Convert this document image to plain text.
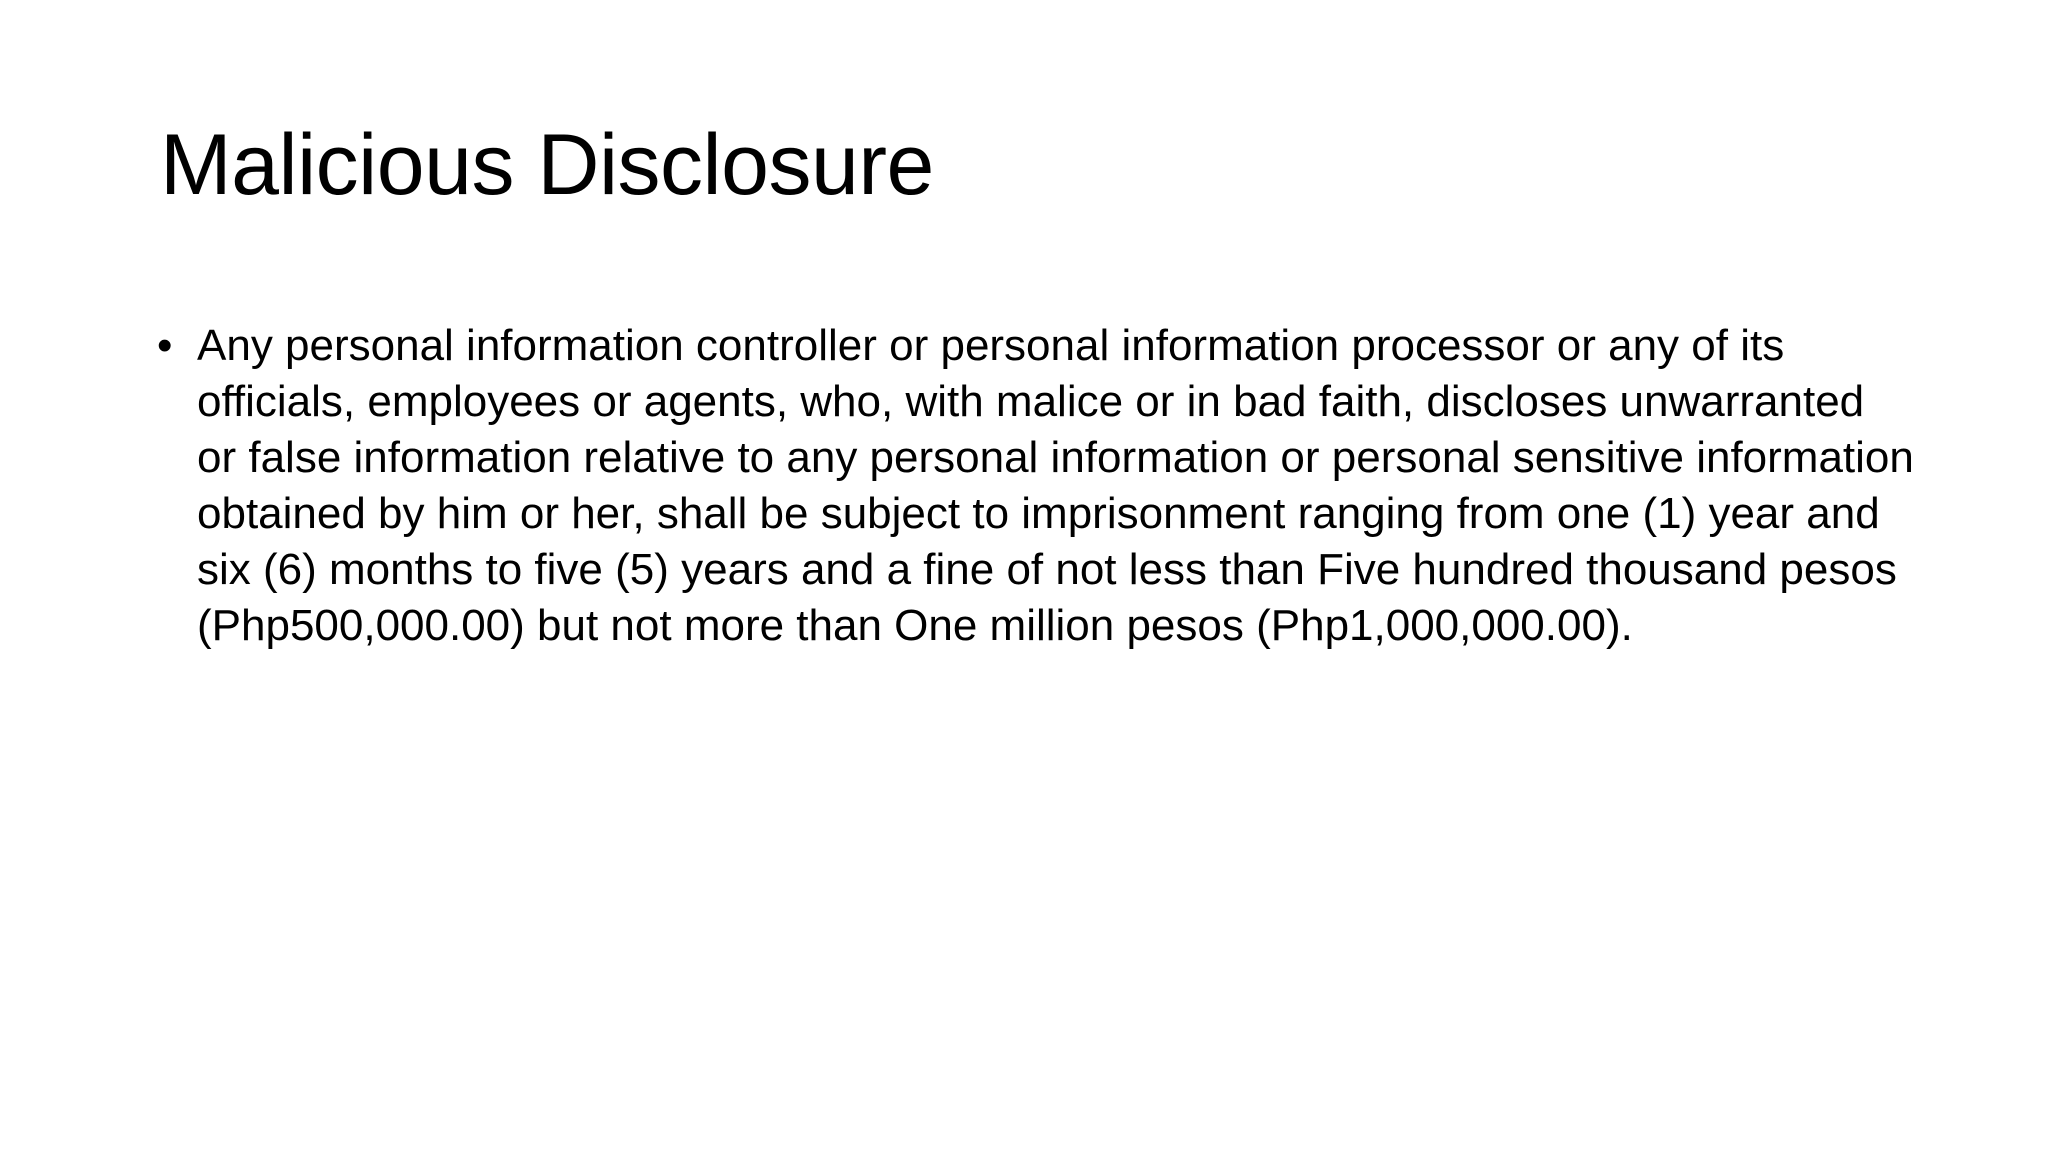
Malicious Disclosure
• Any personal information controller or personal information processor or any of its officials, employees or agents, who, with malice or in bad faith, discloses unwarranted or false information relative to any personal information or personal sensitive information obtained by him or her, shall be subject to imprisonment ranging from one (1) year and six (6) months to five (5) years and a fine of not less than Five hundred thousand pesos (Php500,000.00) but not more than One million pesos (Php1,000,000.00).
